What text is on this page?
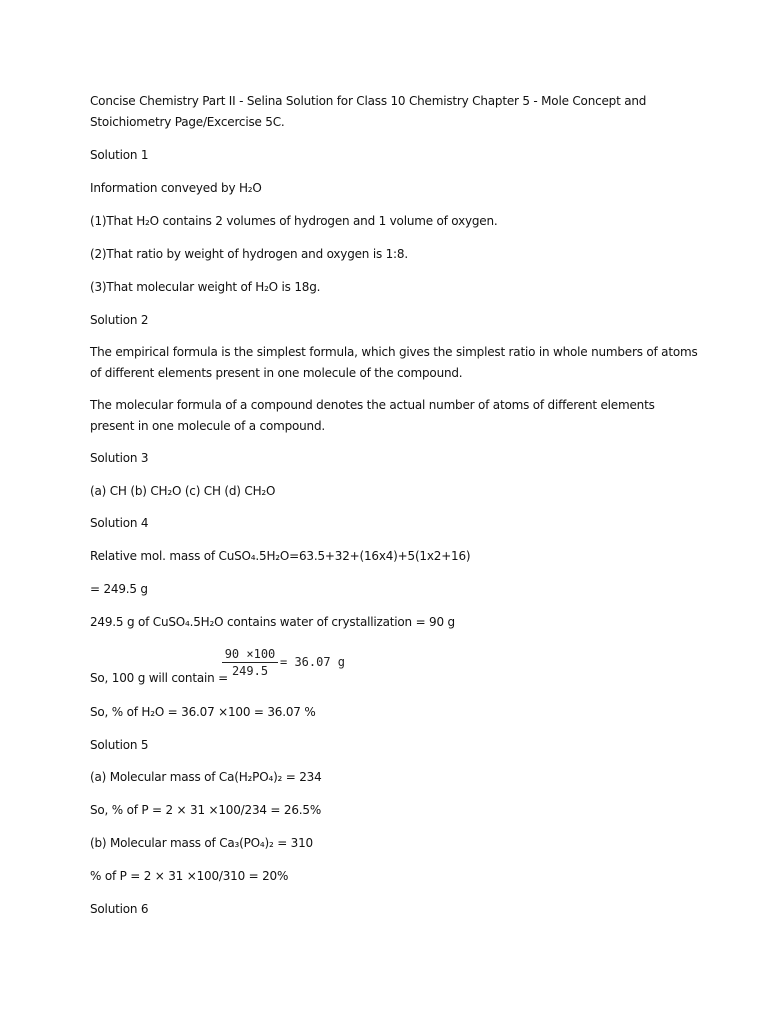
Concise Chemistry Part II - Selina Solution for Class 10 Chemistry Chapter 5 - Mole Concept and
Stoichiometry Page/Excercise 5C.
Solution 1
Information conveyed by H₂O
(1)That H₂O contains 2 volumes of hydrogen and 1 volume of oxygen.
(2)That ratio by weight of hydrogen and oxygen is 1:8.
(3)That molecular weight of H₂O is 18g.
Solution 2
The empirical formula is the simplest formula, which gives the simplest ratio in whole numbers of atoms
of different elements present in one molecule of the compound.
The molecular formula of a compound denotes the actual number of atoms of different elements
present in one molecule of a compound.
Solution 3
(a) CH (b) CH₂O (c) CH (d) CH₂O
Solution 4
Relative mol. mass of CuSO₄.5H₂O=63.5+32+(16x4)+5(1x2+16)
= 249.5 g
249.5 g of CuSO₄.5H₂O contains water of crystallization = 90 g
90 ×100
249.5
= 36.07 g
So, 100 g will contain =
So, % of H₂O = 36.07 ×100 = 36.07 %
Solution 5
(a) Molecular mass of Ca(H₂PO₄)₂ = 234
So, % of P = 2 × 31 ×100/234 = 26.5%
(b) Molecular mass of Ca₃(PO₄)₂ = 310
% of P = 2 × 31 ×100/310 = 20%
Solution 6
